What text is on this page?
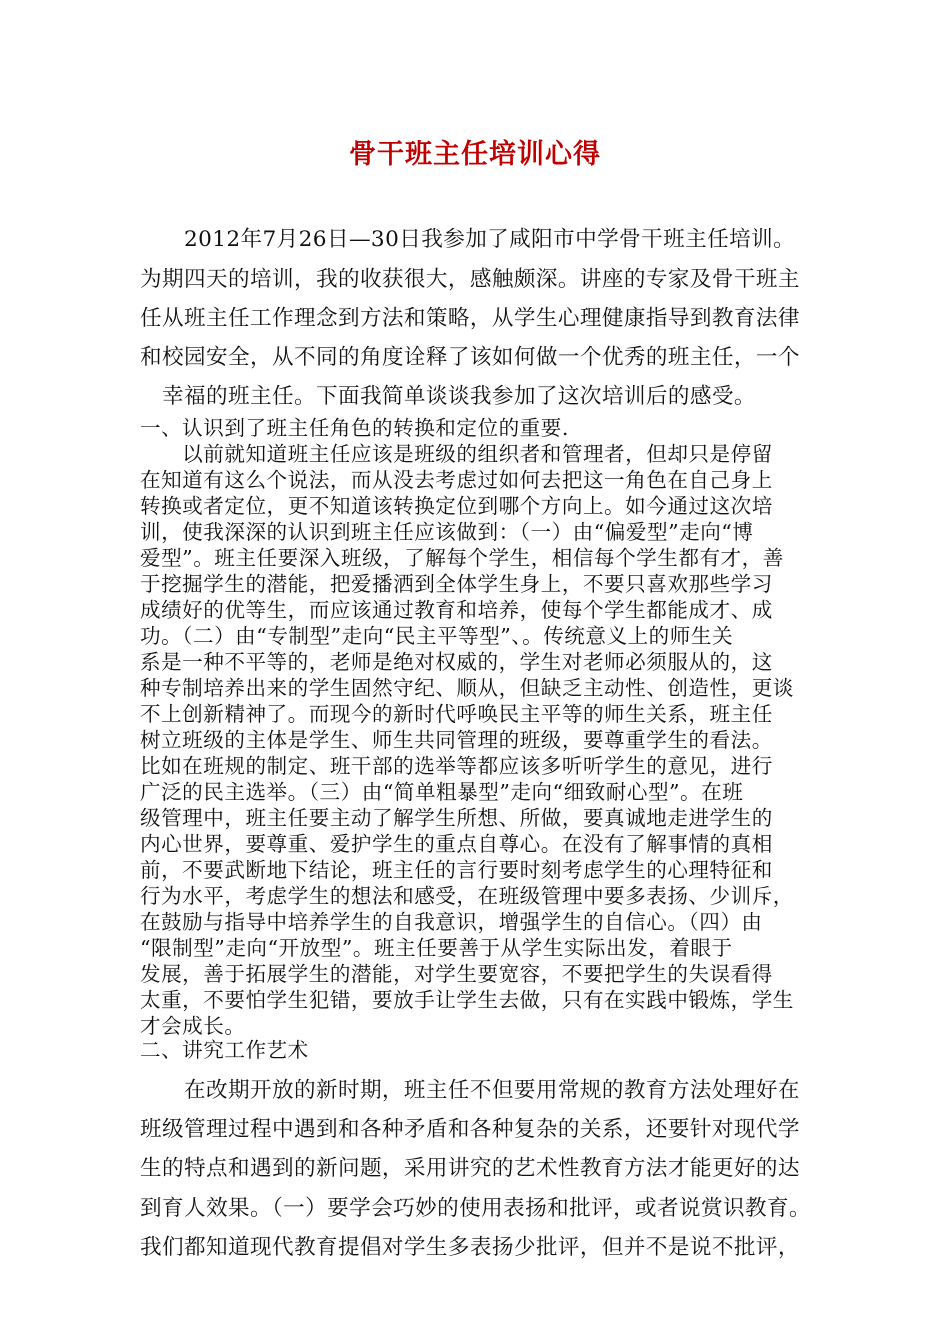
骨干班主任培训心得
　　2012年7月26日—30日我参加了咸阳市中学骨干班主任培训。
为期四天的培训，我的收获很大，感触颇深。讲座的专家及骨干班主
任从班主任工作理念到方法和策略，从学生心理健康指导到教育法律
和校园安全，从不同的角度诠释了该如何做一个优秀的班主任，一个
　幸福的班主任。下面我简单谈谈我参加了这次培训后的感受。
一、认识到了班主任角色的转换和定位的重要.
　　以前就知道班主任应该是班级的组织者和管理者，但却只是停留
在知道有这么个说法，而从没去考虑过如何去把这一角色在自己身上
转换或者定位，更不知道该转换定位到哪个方向上。如今通过这次培
训，使我深深的认识到班主任应该做到：（一）由“偏爱型”走向“博
爱型”。班主任要深入班级，了解每个学生，相信每个学生都有才，善
于挖掘学生的潜能，把爱播洒到全体学生身上，不要只喜欢那些学习
成绩好的优等生，而应该通过教育和培养，使每个学生都能成才、成
功。（二）由“专制型”走向“民主平等型”、。传统意义上的师生关
系是一种不平等的，老师是绝对权威的，学生对老师必须服从的，这
种专制培养出来的学生固然守纪、顺从，但缺乏主动性、创造性，更谈
不上创新精神了。而现今的新时代呼唤民主平等的师生关系，班主任
树立班级的主体是学生、师生共同管理的班级，要尊重学生的看法。
比如在班规的制定、班干部的选举等都应该多听听学生的意见，进行
广泛的民主选举。（三）由“简单粗暴型”走向“细致耐心型”。在班
级管理中，班主任要主动了解学生所想、所做，要真诚地走进学生的
内心世界，要尊重、爱护学生的重点自尊心。在没有了解事情的真相
前，不要武断地下结论，班主任的言行要时刻考虑学生的心理特征和
行为水平，考虑学生的想法和感受，在班级管理中要多表扬、少训斥，
在鼓励与指导中培养学生的自我意识，增强学生的自信心。（四）由
“限制型”走向“开放型”。班主任要善于从学生实际出发，着眼于
发展，善于拓展学生的潜能，对学生要宽容，不要把学生的失误看得
太重，不要怕学生犯错，要放手让学生去做，只有在实践中锻炼，学生
才会成长。
二、讲究工作艺术
　　在改期开放的新时期，班主任不但要用常规的教育方法处理好在
班级管理过程中遇到和各种矛盾和各种复杂的关系，还要针对现代学
生的特点和遇到的新问题，采用讲究的艺术性教育方法才能更好的达
到育人效果。（一）要学会巧妙的使用表扬和批评，或者说赏识教育。
我们都知道现代教育提倡对学生多表扬少批评，但并不是说不批评，
